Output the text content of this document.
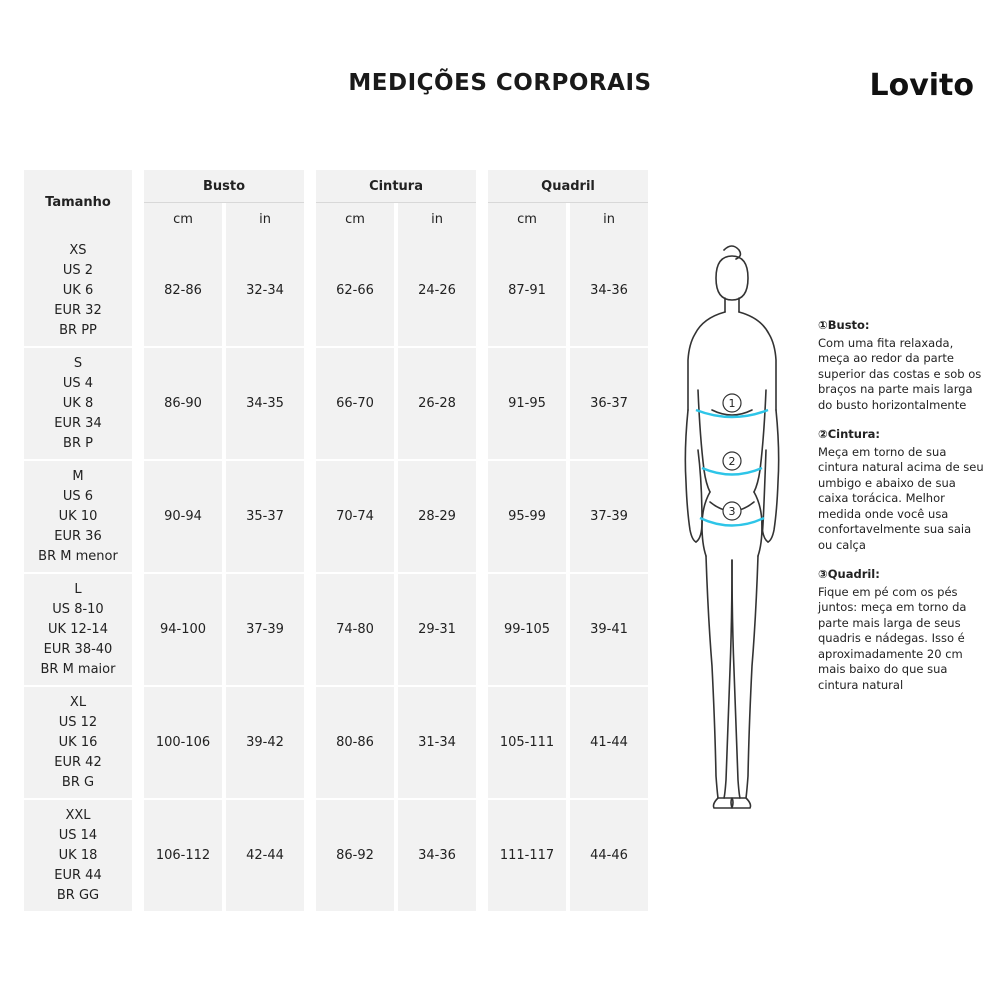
MEDIÇÕES CORPORAIS	Lovito
Tamanho		Busto			Cintura			Quadril	
		cm	in		cm	in		cm	in

XS
US 2
UK 6
EUR 32
BR PP		82-86	32-34		62-66	24-26		87-91	34-36

S
US 4
UK 8
EUR 34
BR P		86-90	34-35		66-70	26-28		91-95	36-37

M
US 6
UK 10
EUR 36
BR M menor		90-94	35-37		70-74	28-29		95-99	37-39

L
US 8-10
UK 12-14
EUR 38-40
BR M maior		94-100	37-39		74-80	29-31		99-105	39-41

XL
US 12
UK 16
EUR 42
BR G		100-106	39-42		80-86	31-34		105-111	41-44

XXL
US 14
UK 18
EUR 44
BR GG		106-112	42-44		86-92	34-36		111-117	44-46
1
2
3
①Busto:
Com uma fita relaxada, meça ao redor da parte superior das costas e sob os braços na parte mais larga do busto horizontalmente
②Cintura:
Meça em torno de sua cintura natural acima de seu umbigo e abaixo de sua caixa torácica. Melhor medida onde você usa confortavelmente sua saia ou calça
③Quadril:
Fique em pé com os pés juntos: meça em torno da parte mais larga de seus quadris e nádegas. Isso é aproximadamente 20 cm mais baixo do que sua cintura natural
